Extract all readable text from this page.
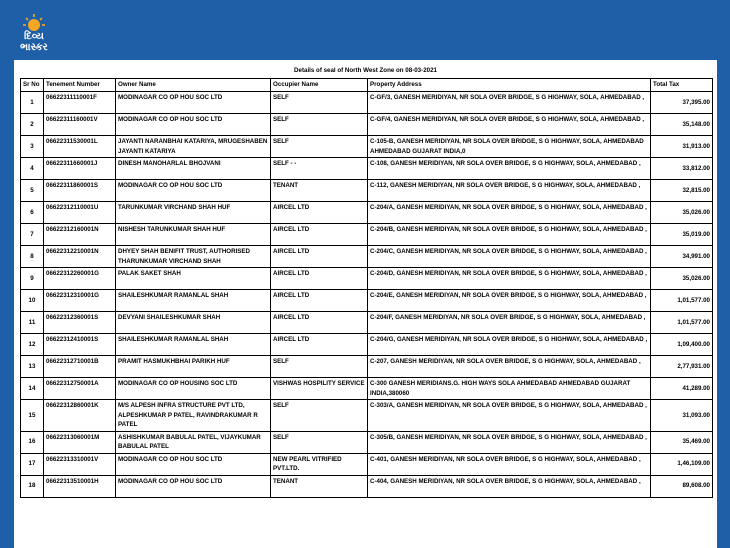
દિવ્ય
ભાસ્કર
Details of seal of North West Zone on 08-03-2021
Sr No	Tenement Number	Owner Name	Occupier Name	Property Address	Total Tax
1	06622311110001F	MODINAGAR CO OP HOU SOC LTD	SELF	C-GF/3, GANESH MERIDIYAN, NR SOLA OVER BRIDGE, S G HIGHWAY, SOLA, AHMEDABAD ,	37,395.00
2	06622311160001V	MODINAGAR CO OP HOU SOC LTD	SELF	C-GF/4, GANESH MERIDIYAN, NR SOLA OVER BRIDGE, S G HIGHWAY, SOLA, AHMEDABAD ,	35,148.00
3	06622311530001L	JAYANTI NARANBHAI KATARIYA, MRUGESHABEN JAYANTI KATARIYA	SELF	C-105-B, GANESH MERIDIYAN, NR SOLA OVER BRIDGE, S G HIGHWAY, SOLA, AHMEDABAD AHMEDABAD GUJARAT INDIA,0	31,913.00
4	06622311660001J	DINESH MANOHARLAL BHOJVANI	SELF - -	C-108, GANESH MERIDIYAN, NR SOLA OVER BRIDGE, S G HIGHWAY, SOLA, AHMEDABAD ,	33,812.00
5	06622311860001S	MODINAGAR CO OP HOU SOC LTD	TENANT	C-112, GANESH MERIDIYAN, NR SOLA OVER BRIDGE, S G HIGHWAY, SOLA, AHMEDABAD ,	32,815.00
6	06622312110001U	TARUNKUMAR VIRCHAND SHAH HUF	AIRCEL LTD	C-204/A, GANESH MERIDIYAN, NR SOLA OVER BRIDGE, S G HIGHWAY, SOLA, AHMEDABAD ,	35,026.00
7	06622312160001N	NISHESH TARUNKUMAR SHAH HUF	AIRCEL LTD	C-204/B, GANESH MERIDIYAN, NR SOLA OVER BRIDGE, S G HIGHWAY, SOLA, AHMEDABAD ,	35,019.00
8	06622312210001N	DHYEY SHAH BENIFIT TRUST, AUTHORISED THARUNKUMAR VIRCHAND SHAH	AIRCEL LTD	C-204/C, GANESH MERIDIYAN, NR SOLA OVER BRIDGE, S G HIGHWAY, SOLA, AHMEDABAD ,	34,991.00
9	06622312260001G	PALAK SAKET SHAH	AIRCEL LTD	C-204/D, GANESH MERIDIYAN, NR SOLA OVER BRIDGE, S G HIGHWAY, SOLA, AHMEDABAD ,	35,026.00
10	06622312310001G	SHAILESHKUMAR RAMANLAL SHAH	AIRCEL LTD	C-204/E, GANESH MERIDIYAN, NR SOLA OVER BRIDGE, S G HIGHWAY, SOLA, AHMEDABAD ,	1,01,577.00
11	06622312360001S	DEVYANI SHAILESHKUMAR SHAH	AIRCEL LTD	C-204/F, GANESH MERIDIYAN, NR SOLA OVER BRIDGE, S G HIGHWAY, SOLA, AHMEDABAD ,	1,01,577.00
12	06622312410001S	SHAILESHKUMAR RAMANLAL SHAH	AIRCEL LTD	C-204/G, GANESH MERIDIYAN, NR SOLA OVER BRIDGE, S G HIGHWAY, SOLA, AHMEDABAD ,	1,09,400.00
13	06622312710001B	PRAMIT HASMUKHBHAI PARIKH HUF	SELF	C-207, GANESH MERIDIYAN, NR SOLA OVER BRIDGE, S G HIGHWAY, SOLA, AHMEDABAD ,	2,77,931.00
14	06622312750001A	MODINAGAR CO OP HOUSING SOC LTD	VISHWAS HOSPILITY SERVICE	C-300 GANESH MERIDIANS.G. HIGH WAYS SOLA AHMEDABAD AHMEDABAD GUJARAT INDIA,380060	41,289.00
15	06622312860001K	M/S ALPESH INFRA STRUCTURE PVT LTD, ALPESHKUMAR P PATEL, RAVINDRAKUMAR R PATEL	SELF	C-303/A, GANESH MERIDIYAN, NR SOLA OVER BRIDGE, S G HIGHWAY, SOLA, AHMEDABAD ,	31,093.00
16	06622313060001M	ASHISHKUMAR BABULAL PATEL, VIJAYKUMAR BABULAL PATEL	SELF	C-305/B, GANESH MERIDIYAN, NR SOLA OVER BRIDGE, S G HIGHWAY, SOLA, AHMEDABAD ,	35,469.00
17	06622313310001V	MODINAGAR CO OP HOU SOC LTD	NEW PEARL VITRIFIED PVT.LTD.	C-401, GANESH MERIDIYAN, NR SOLA OVER BRIDGE, S G HIGHWAY, SOLA, AHMEDABAD ,	1,46,109.00
18	06622313510001H	MODINAGAR CO OP HOU SOC LTD	TENANT	C-404, GANESH MERIDIYAN, NR SOLA OVER BRIDGE, S G HIGHWAY, SOLA, AHMEDABAD ,	89,608.00
